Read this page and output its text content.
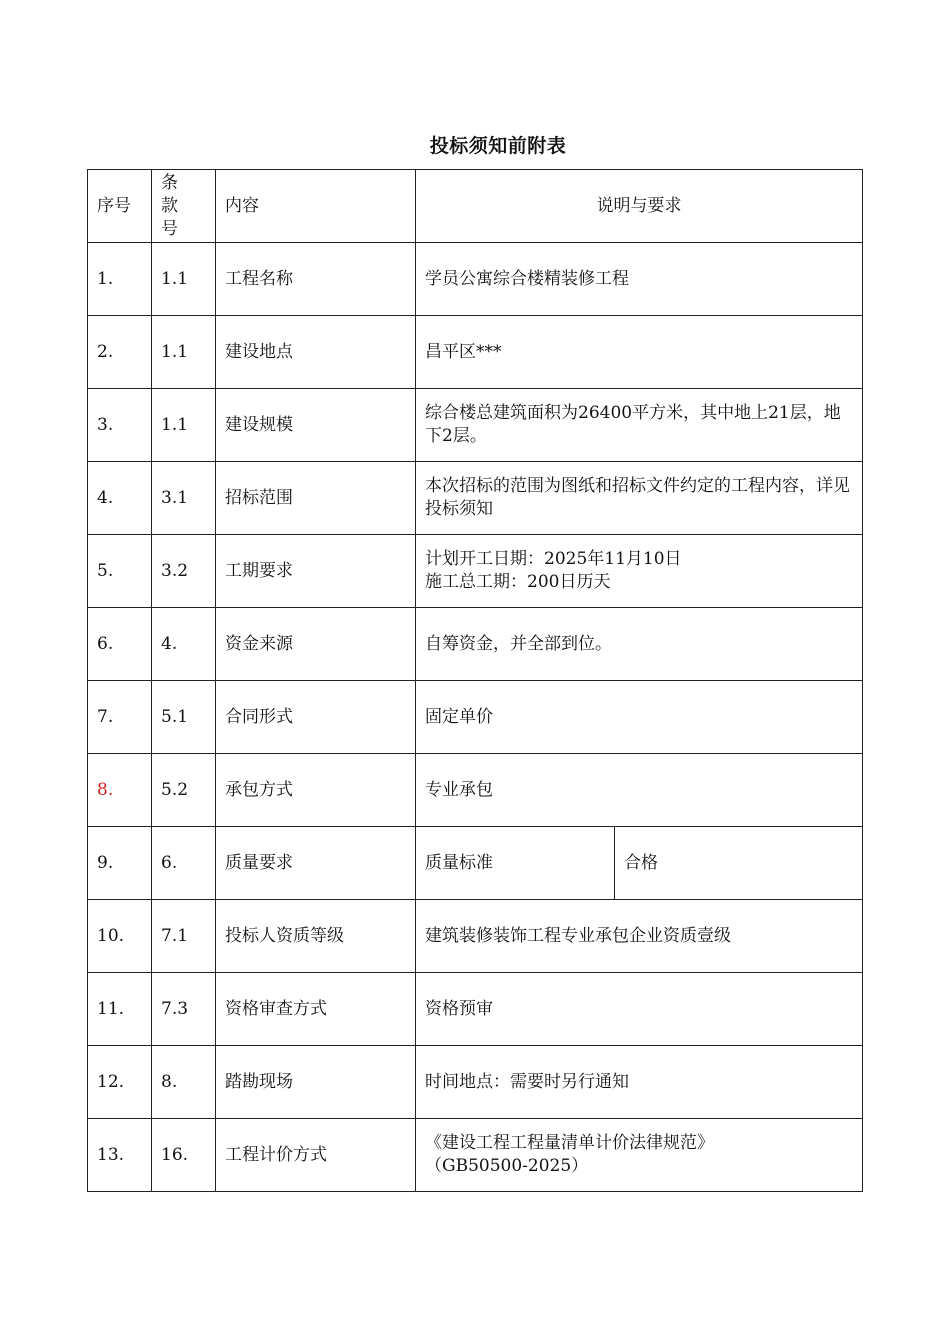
投标须知前附表
序号	条 款 号	内容	说明与要求	
1.	1.1	工程名称	学员公寓综合楼精装修工程	
2.	1.1	建设地点	昌平区***	
3.	1.1	建设规模	综合楼总建筑面积为26400平方米，其中地上21层，地下2层。	
4.	3.1	招标范围	本次招标的范围为图纸和招标文件约定的工程内容，详见投标须知	
5.	3.2	工期要求	计划开工日期：2025年11月10日
施工总工期：200日历天	

6.	4.	资金来源	自筹资金，并全部到位。	
7.	5.1	合同形式	固定单价	
8.	5.2	承包方式	专业承包	
9.	6.	质量要求	质量标准	合格
10.	7.1	投标人资质等级	建筑装修装饰工程专业承包企业资质壹级	
11.	7.3	资格审查方式	资格预审	
12.	8.	踏勘现场	时间地点：需要时另行通知	
13.	16.	工程计价方式	《建设工程工程量清单计价法律规范》
（GB50500-2025）	
